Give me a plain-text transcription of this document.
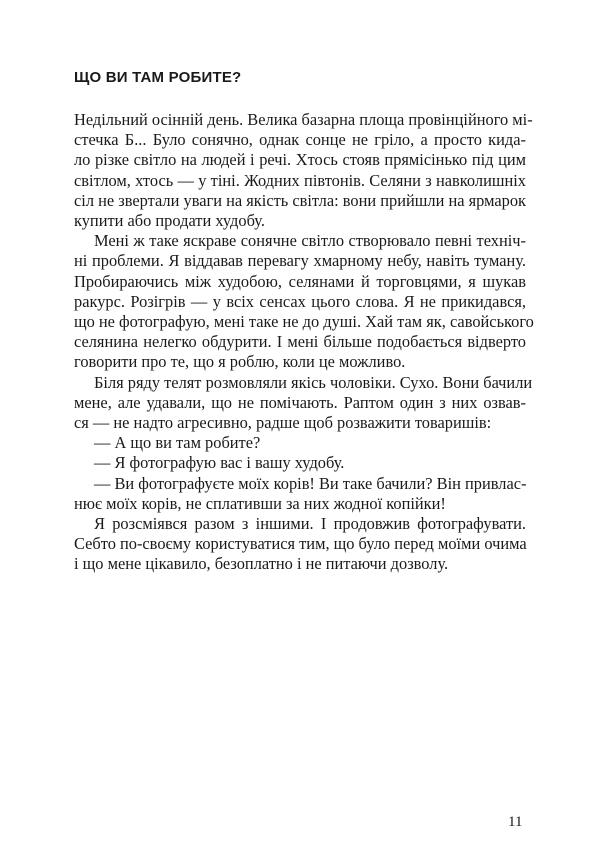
ЩО ВИ ТАМ РОБИТЕ?

Недільний осінній день. Велика базарна площа провінційного мі-
стечка Б... Було сонячно, однак сонце не гріло, а просто кида-
ло різке світло на людей і речі. Хтось стояв прямісінько під цим
світлом, хтось — у тіні. Жодних півтонів. Селяни з навколишніх
сіл не звертали уваги на якість світла: вони прийшли на ярмарок
купити або продати худобу.

Мені ж таке яскраве сонячне світло створювало певні техніч-
ні проблеми. Я віддавав перевагу хмарному небу, навіть туману.
Пробираючись між худобою, селянами й торговцями, я шукав
ракурс. Розігрів — у всіх сенсах цього слова. Я не прикидався,
що не фотографую, мені таке не до душі. Хай там як, савойського
селянина нелегко обдурити. І мені більше подобається відверто
говорити про те, що я роблю, коли це можливо.

Біля ряду телят розмовляли якісь чоловіки. Сухо. Вони бачили
мене, але удавали, що не помічають. Раптом один з них озвав-
ся — не надто агресивно, радше щоб розважити товаришів:

— А що ви там робите?

— Я фотографую вас і вашу худобу.

— Ви фотографуєте моїх корів! Ви таке бачили? Він привлас-
нює моїх корів, не сплативши за них жодної копійки!

Я розсміявся разом з іншими. І продовжив фотографувати.
Себто по-своєму користуватися тим, що було перед моїми очима
і що мене цікавило, безоплатно і не питаючи дозволу.

11
